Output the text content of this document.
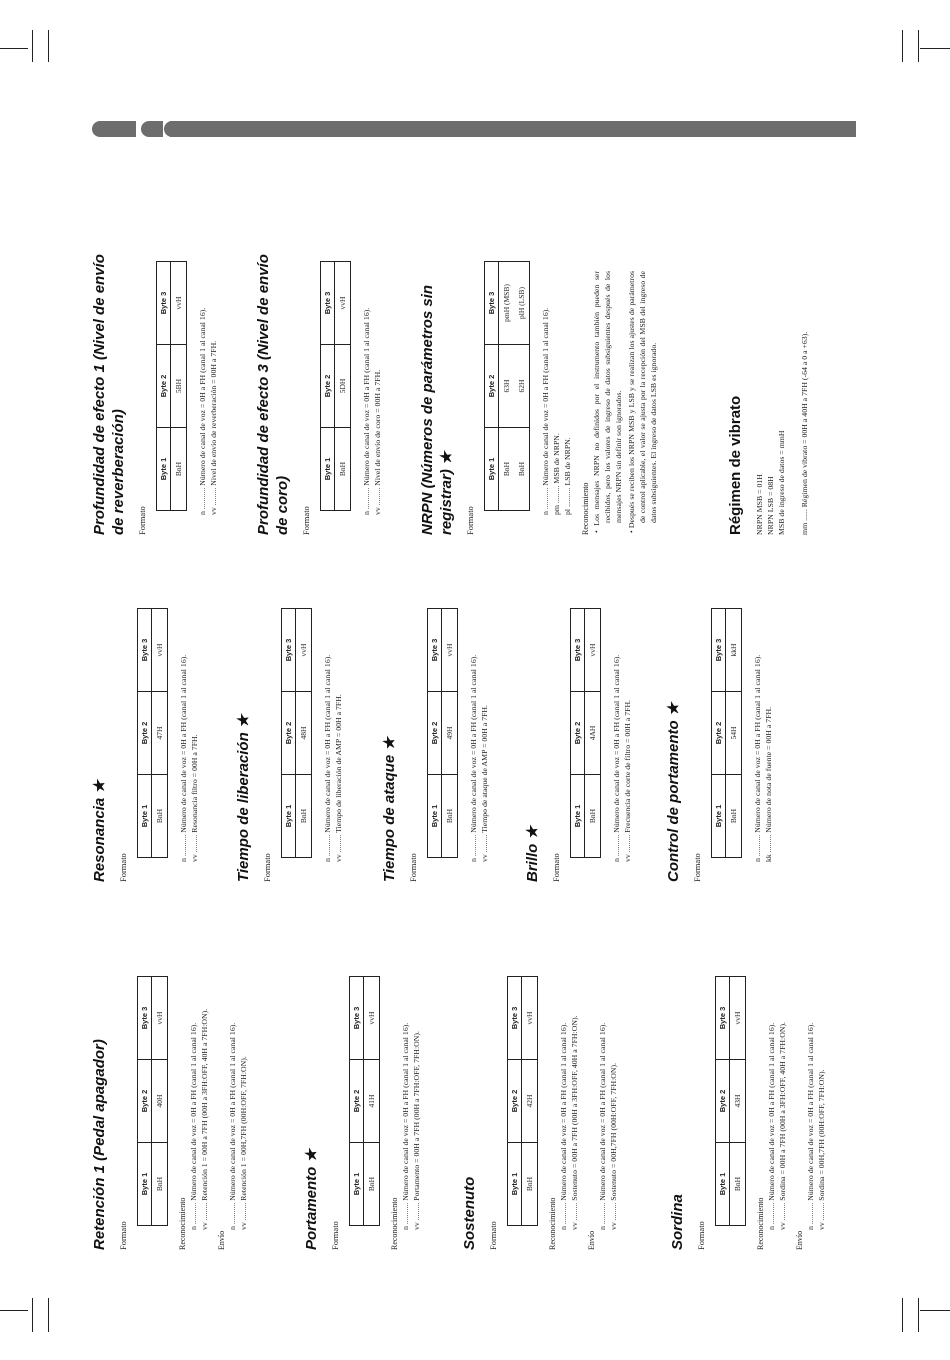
Retención 1 (Pedal apagador) Formato
Byte 1	Byte 2	Byte 3
BnH	40H	vvH
Reconocimiento n ........... Número de canal de voz = 0H a FH (canal 1 al canal 16). vv ......... Retención 1 = 00H a 7FH (00H a 3FH:OFF, 40H a 7FH:ON).
Envío
n ........... Número de canal de voz = 0H a FH (canal 1 al canal 16). vv ......... Retención 1 = 00H,7FH (00H:OFF, 7FH:ON).	Portamento ★ Formato
Byte 1	Byte 2	Byte 3
BnH	41H	vvH
Reconocimiento n ........... Número de canal de voz = 0H a FH (canal 1 al canal 16). vv ......... Portamento = 00H a 7FH (00H a 7FH:OFF, 7FH:ON).	Sostenuto Formato
Byte 1	Byte 2	Byte 3
BnH	42H	vvH
Reconocimiento n ........... Número de canal de voz = 0H a FH (canal 1 al canal 16). vv ......... Sostenuto = 00H a 7FH (00H a 3FH:OFF, 40H a 7FH:ON).
Envío
n ........... Número de canal de voz = 0H a FH (canal 1 al canal 16). vv ......... Sostenuto = 00H,7FH (00H:OFF, 7FH:ON).	Sordina Formato
Byte 1	Byte 2	Byte 3
BnH	43H	vvH
Reconocimiento n ........... Número de canal de voz = 0H a FH (canal 1 al canal 16). vv ......... Sordina = 00H a 7FH (00H a 3FH:OFF, 40H a 7FH:ON).
Envío
n ........... Número de canal de voz = 0H a FH (canal 1 al canal 16). vv ......... Sordina = 00H,7FH (00H:OFF, 7FH:ON).
Resonancia ★ Formato
Byte 1	Byte 2	Byte 3
BnH	47H	vvH
n ........... Número de canal de voz = 0H a FH (canal 1 al canal 16). vv ......... Resonancia filtro = 00H a 7FH. Tiempo de liberación ★ Formato
Byte 1	Byte 2	Byte 3
BnH	48H	vvH
n ........... Número de canal de voz = 0H a FH (canal 1 al canal 16). vv ......... Tiempo de liberación de AMP = 00H a 7FH.	Tiempo de ataque ★ Formato
Byte 1	Byte 2	Byte 3
BnH	49H	vvH
n ........... Número de canal de voz = 0H a FH (canal 1 al canal 16). vv ......... Tiempo de ataque de AMP = 00H a 7FH. Brillo ★ Formato
Byte 1	Byte 2	Byte 3
BnH	4AH	vvH
n ........... Número de canal de voz = 0H a FH (canal 1 al canal 16). vv ......... Frecuencia de corte de filtro = 00H a 7FH. Control de portamento ★ Formato
Byte 1	Byte 2	Byte 3
BnH	54H	kkH
n ........... Número de canal de voz = 0H a FH (canal 1 al canal 16). kk ......... Número de nota de fuente = 00H a 7FH.
Profundidad de efecto 1 (Nivel de envío de reverberación) Formato
Byte 1	Byte 2	Byte 3
BnH	5BH	vvH
n ........... Número de canal de voz = 0H a FH (canal 1 al canal 16). vv ......... Nivel de envío de reverberación = 00H a 7FH. Profundidad de efecto 3 (Nivel de envío de coro) Formato
Byte 1	Byte 2	Byte 3
BnH	5DH	vvH
n ........... Número de canal de voz = 0H a FH (canal 1 al canal 16). vv ......... Nivel de envío de coro = 00H a 7FH. NRPN (Números de parámetros sin registrar) ★ Formato
Byte 1	Byte 2	Byte 3
BnH	63H	pmH (MSB)
BnH	62H	plH (LSB)
n ........... Número de canal de voz = 0H a FH (canal 1 al canal 16). pm ......... MSB de NRPN. pl .......... LSB de NRPN. Reconocimiento • Los mensajes NRPN no definidos por el instrumento también pueden ser recibidos, pero los valores de ingreso de datos subsiguientes después de los mensajes NRPN sin definir son ignorados. • Después se reciben los NRPN MSB y LSB y se realizan los ajustes de parámetros de control aplicable, el valor se ajusta por la recepción del MSB del ingreso de datos subsiguientes. El ingreso de datos LSB es ignorado.	Régimen de vibrato NRPN MSB = 01H NRPN LSB = 08H MSB de ingreso de datos = mmH mm ...... Régimen de vibrato = 00H a 40H a 7FH (-64 a 0 a +63).
